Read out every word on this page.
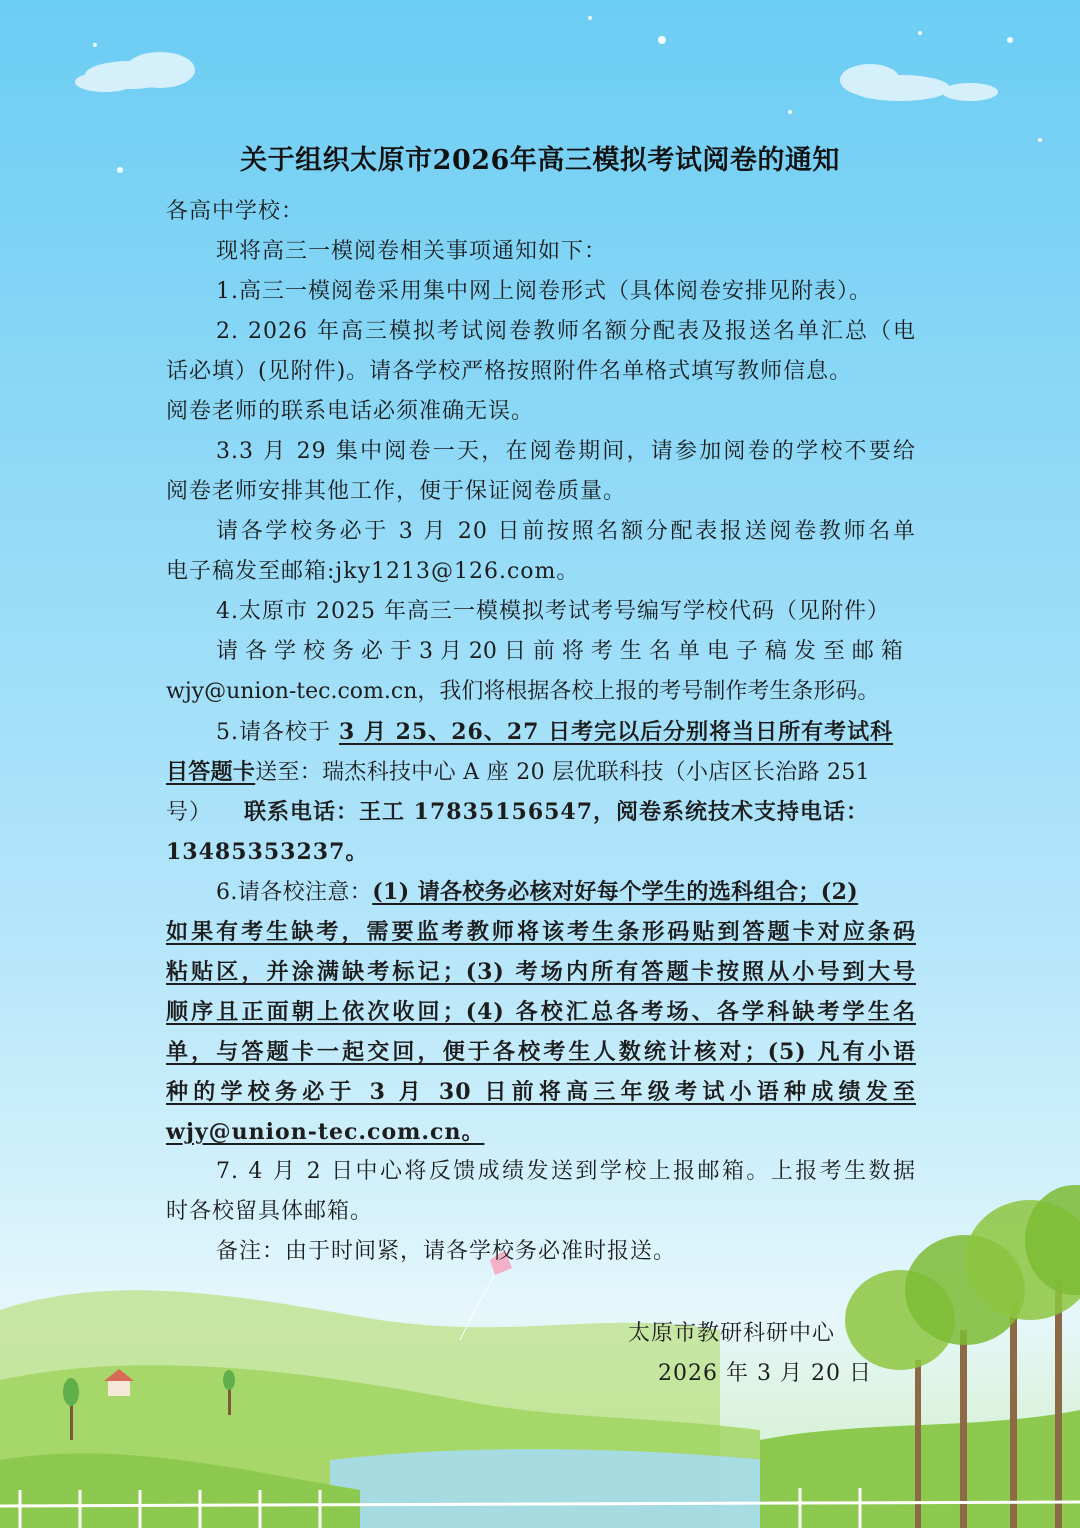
关于组织太原市2026年高三模拟考试阅卷的通知
各高中学校：
现将高三一模阅卷相关事项通知如下：
1.高三一模阅卷采用集中网上阅卷形式（具体阅卷安排见附表）。
2. 2026 年高三模拟考试阅卷教师名额分配表及报送名单汇总（电
话必填）(见附件)。请各学校严格按照附件名单格式填写教师信息。
阅卷老师的联系电话必须准确无误。
3.3 月 29 集中阅卷一天，在阅卷期间，请参加阅卷的学校不要给
阅卷老师安排其他工作，便于保证阅卷质量。
请各学校务必于 3 月 20 日前按照名额分配表报送阅卷教师名单
电子稿发至邮箱:jky1213@126.com。
4.太原市 2025 年高三一模模拟考试考号编写学校代码（见附件）
请 各 学 校 务 必 于 3 月 20 日 前 将 考 生 名 单 电 子 稿 发 至 邮 箱
wjy@union-tec.com.cn，我们将根据各校上报的考号制作考生条形码。
5.请各校于 3 月 25、26、27 日考完以后分别将当日所有考试科
目答题卡送至：瑞杰科技中心 A 座 20 层优联科技（小店区长治路 251
号） 联系电话：王工 17835156547，阅卷系统技术支持电话：
13485353237。
6.请各校注意：(1) 请各校务必核对好每个学生的选科组合；(2)
如果有考生缺考，需要监考教师将该考生条形码贴到答题卡对应条码
粘贴区，并涂满缺考标记；(3) 考场内所有答题卡按照从小号到大号
顺序且正面朝上依次收回；(4) 各校汇总各考场、各学科缺考学生名
单，与答题卡一起交回，便于各校考生人数统计核对；(5) 凡有小语
种的学校务必于 3 月 30 日前将高三年级考试小语种成绩发至
wjy@union-tec.com.cn。
7. 4 月 2 日中心将反馈成绩发送到学校上报邮箱。上报考生数据
时各校留具体邮箱。
备注：由于时间紧，请各学校务必准时报送。
太原市教研科研中心
2026 年 3 月 20 日
